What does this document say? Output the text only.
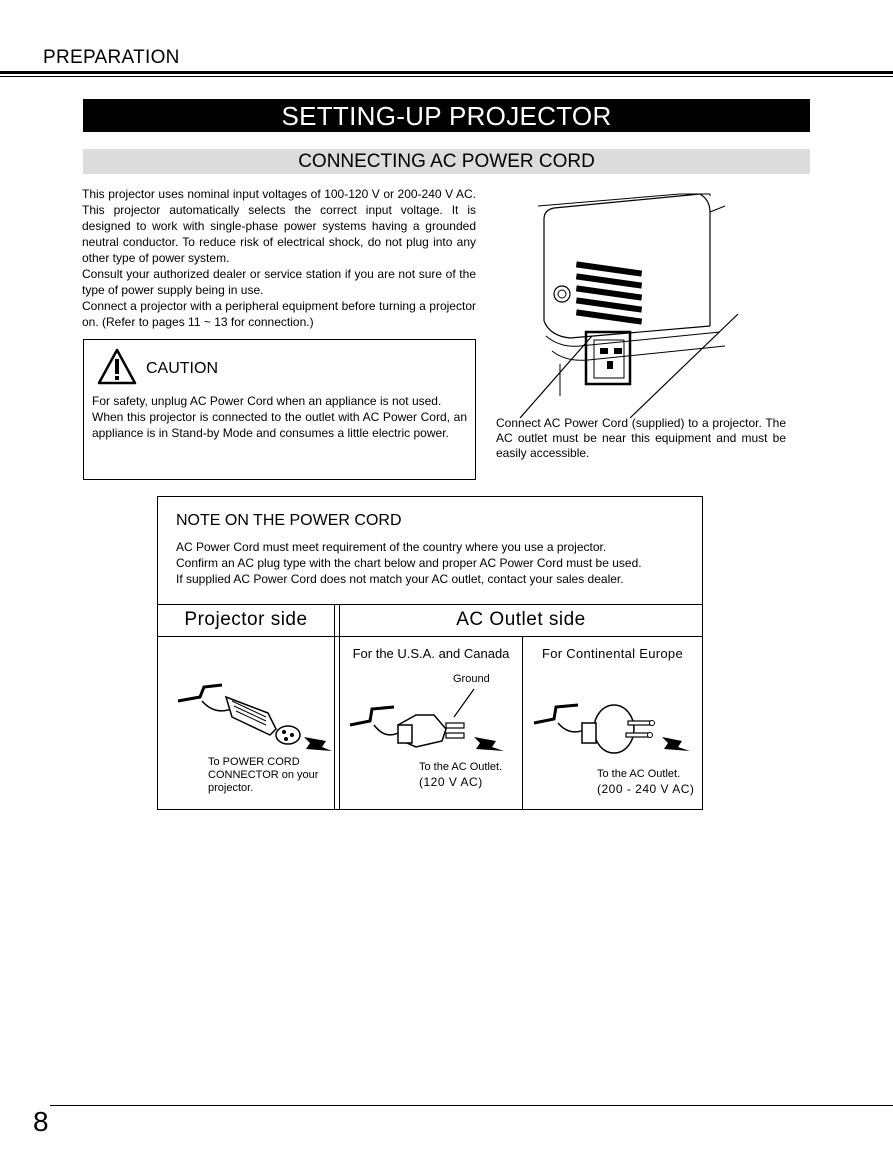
PREPARATION
SETTING-UP PROJECTOR
CONNECTING AC POWER CORD

This projector uses nominal input voltages of 100-120 V or 200-240 V AC. This projector automatically selects the correct input voltage. It is designed to work with single-phase power systems having a grounded neutral conductor. To reduce risk of electrical shock, do not plug into any other type of power system.

Consult your authorized dealer or service station if you are not sure of the type of power supply being in use.

Connect a projector with a peripheral equipment before turning a projector on. (Refer to pages 11 ~ 13 for connection.)

CAUTION

For safety, unplug AC Power Cord when an appliance is not used.

When this projector is connected to the outlet with AC Power Cord, an appliance is in Stand-by Mode and consumes a little electric power.

Connect AC Power Cord (supplied) to a projector. The AC outlet must be near this equipment and must be easily accessible.
NOTE ON THE POWER CORD
AC Power Cord must meet requirement of the country where you use a projector.
Confirm an AC plug type with the chart below and proper AC Power Cord must be used.
If supplied AC Power Cord does not match your AC outlet, contact your sales dealer.
Projector side	AC Outlet side
For the U.S.A. and Canada	For Continental Europe
Ground
To the AC Outlet.
(120 V AC)
To the AC Outlet.
(200 - 240 V AC)
To POWER CORD CONNECTOR on your projector.
8
